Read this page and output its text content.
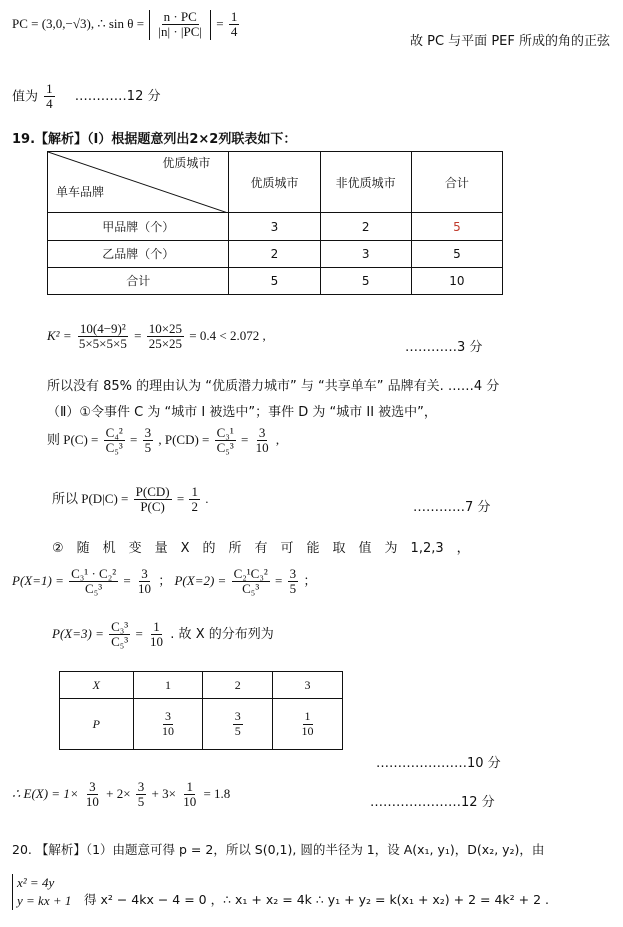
PC = (3,0,−√3), ∴ $\sin \theta = \frac{n \cdot PC}{|n| \cdot |PC|} = \frac{1}{4}$
故 PC 与平面 PEF 所成的角的正弦
值为 $\frac{1}{4}$ …………12 分
19.【解析】（Ⅰ）根据题意列出2×2列联表如下：
优质城市
单车品牌	优质城市	非优质城市	合计
甲品牌（个）	3	2	5
乙品牌（个）	2	3	5
合计	5	5	10
$K^2 = \frac{\text{10(4−9)²}}{5\times 5\times 5\times 5} = \frac{10\times 25}{25\times 25} = 0.4 < 2.072$ ,
…………3 分
所以没有 85% 的理由认为 “优质潜力城市” 与 “共享单车” 品牌有关. ……4 分
（Ⅱ）①令事件 C 为 “城市 I 被选中”；事件 D 为 “城市 II 被选中”，
则 $P(C) = \frac{\text{C₄²}}{\text{C₅³}} = \frac{3}{5}$ , $P(CD) = \frac{\text{C₃¹}}{\text{C₅³}} = \frac{3}{10}$ ,
所以 $P(D|C) = \frac{P(CD)}{P(C)} = \frac{1}{2}$ .
…………7 分
②　随　机　变　量　X　的　所　有　可　能　取　值　为　1,2,3　，
$P(X=1) = \frac{\text{C₃¹ · C₂²}}{\text{C₅³}} = \frac{3}{10}$ ； $P(X=2) = \frac{\text{C₂¹C₃²}}{\text{C₅³}} = \frac{3}{5}$ ；
$P(X=3) = \frac{\text{C₃³}}{\text{C₅³}} = \frac{1}{10}$ . 故 X 的分布列为
X	1	2	3
P	$\frac{3}{10}$	$\frac{3}{5}$	$\frac{1}{10}$
…………………10 分
∴ $E(X) = 1\times \frac{3}{10} + 2\times \frac{3}{5} + 3\times \frac{1}{10} = 1.8$
…………………12 分
20. 【解析】（1）由题意可得 p = 2，所以 S(0,1), 圆的半径为 1，设 A(x₁, y₁)，D(x₂, y₂)，由
x² = 4y
y = kx + 1 得 x² − 4kx − 4 = 0 ，∴ x₁ + x₂ = 4k ∴ y₁ + y₂ = k(x₁ + x₂) + 2 = 4k² + 2 .
